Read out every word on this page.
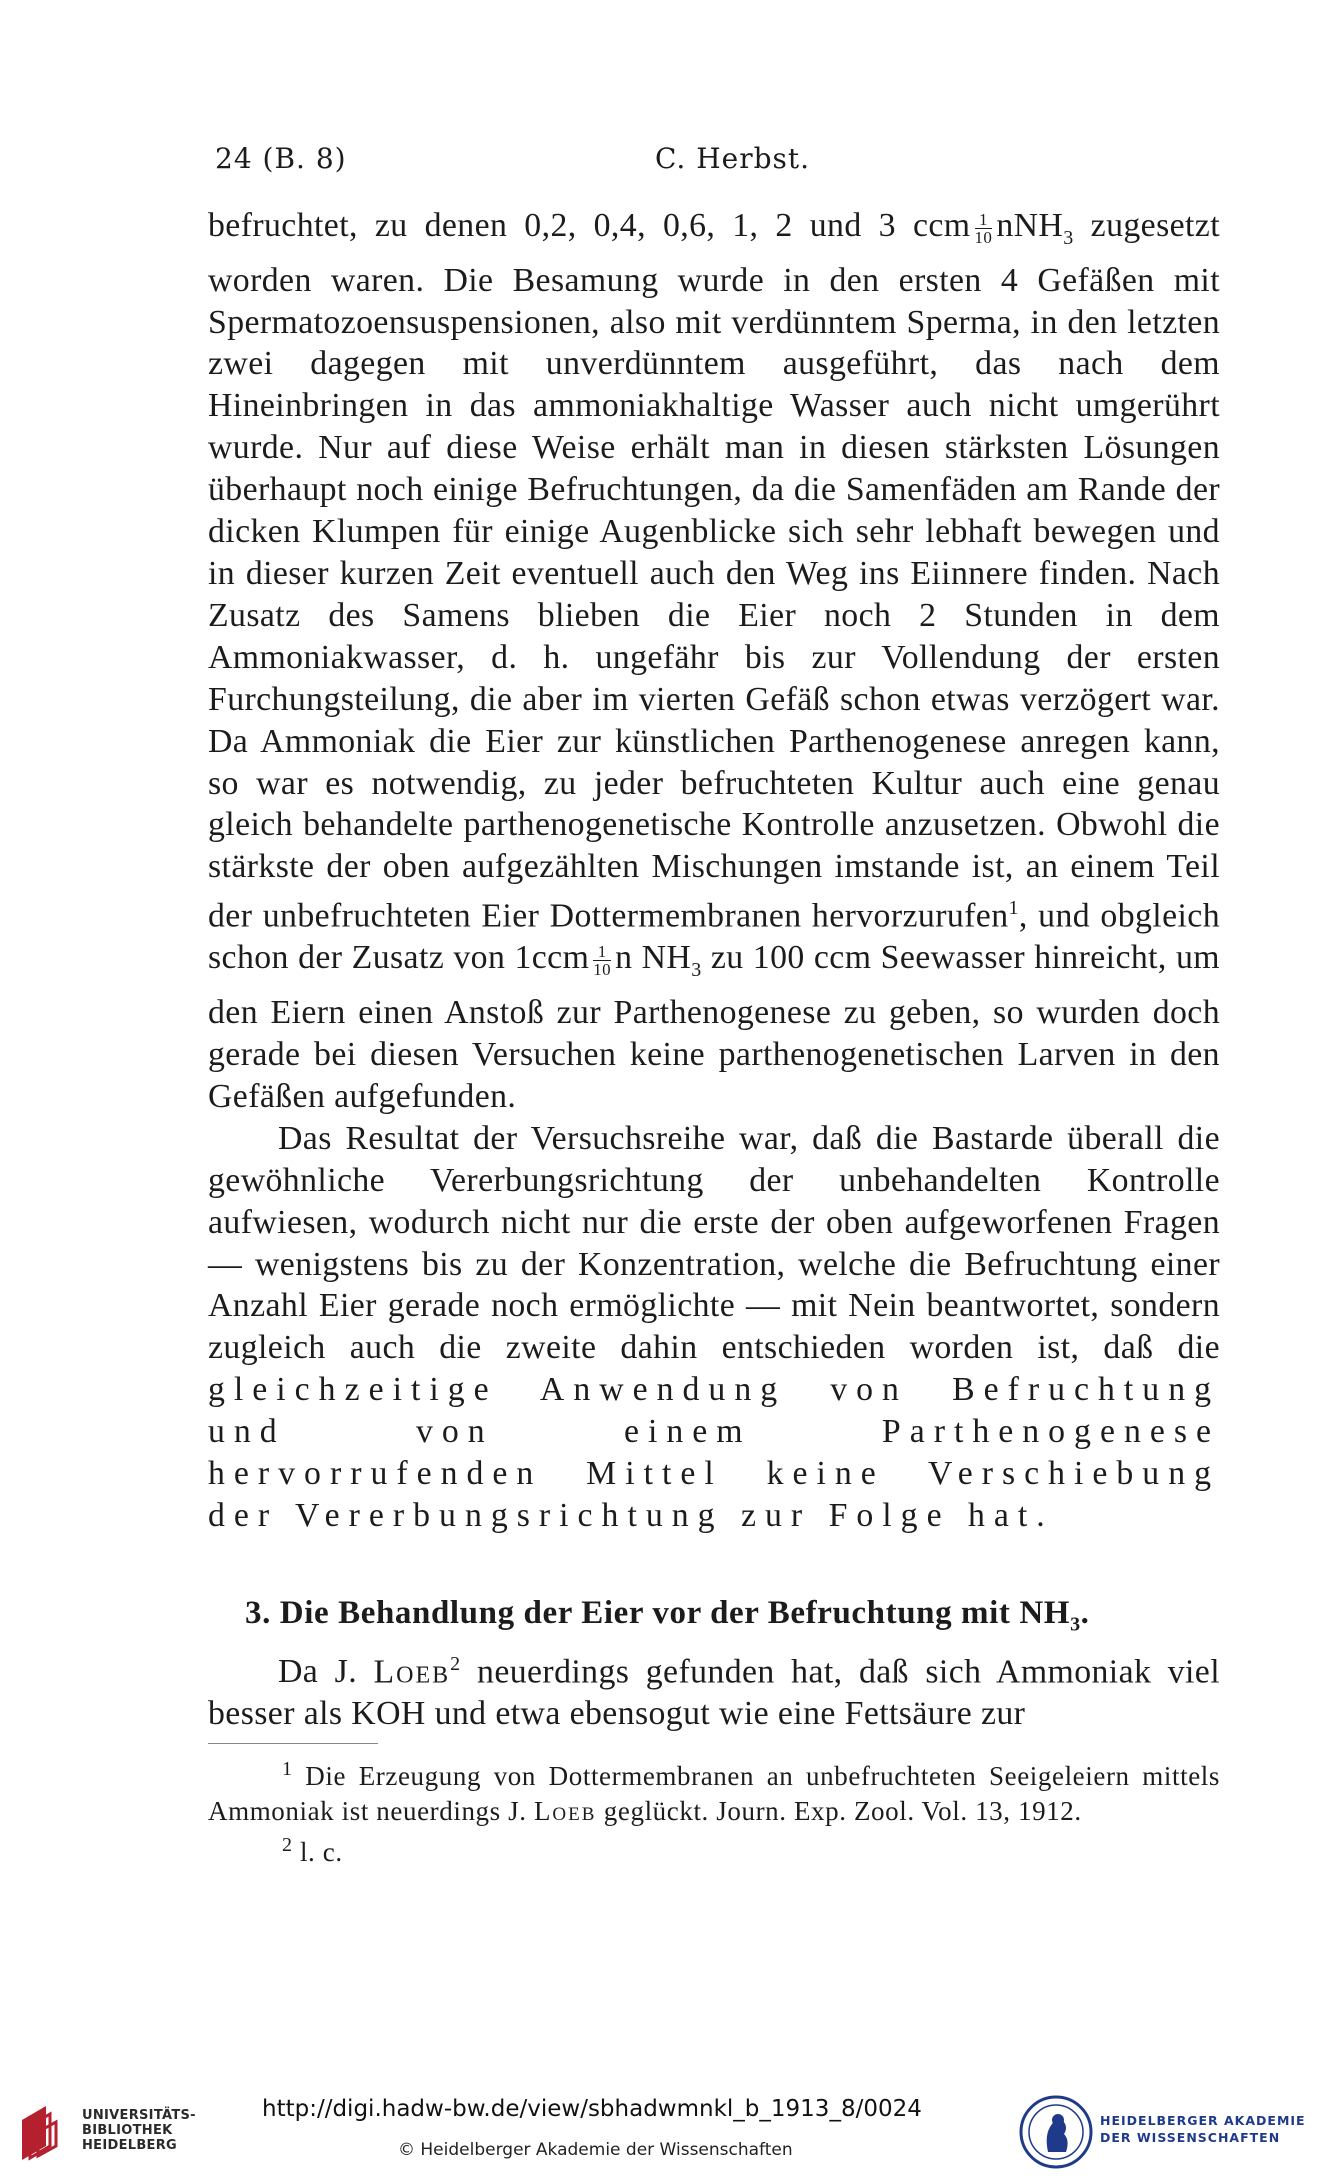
24 (B. 8)	C. Herbst.

befruchtet, zu denen 0,2, 0,4, 0,6, 1, 2 und 3 ccm $\frac{1}{10} nNH_3$ zugesetzt worden waren. Die Besamung wurde in den ersten 4 Gefäßen mit Spermatozoensuspensionen, also mit verdünntem Sperma, in den letzten zwei dagegen mit unverdünntem ausgeführt, das nach dem Hineinbringen in das ammoniakhaltige Wasser auch nicht umgerührt wurde. Nur auf diese Weise erhält man in diesen stärksten Lösungen überhaupt noch einige Befruchtungen, da die Samenfäden am Rande der dicken Klumpen für einige Augenblicke sich sehr lebhaft bewegen und in dieser kurzen Zeit eventuell auch den Weg ins Eiinnere finden. Nach Zusatz des Samens blieben die Eier noch 2 Stunden in dem Ammoniakwasser, d. h. ungefähr bis zur Vollendung der ersten Furchungsteilung, die aber im vierten Gefäß schon etwas verzögert war. Da Ammoniak die Eier zur künstlichen Parthenogenese anregen kann, so war es notwendig, zu jeder befruchteten Kultur auch eine genau gleich behandelte parthenogenetische Kontrolle anzusetzen. Obwohl die stärkste der oben aufgezählten Mischungen imstande ist, an einem Teil der unbefruchteten Eier Dottermembranen hervorzurufen$^1$, und obgleich schon der Zusatz von $1ccm \frac{1}{10}$ n $NH_3$ zu 100 ccm Seewasser hinreicht, um den Eiern einen Anstoß zur Parthenogenese zu geben, so wurden doch gerade bei diesen Versuchen keine parthenogenetischen Larven in den Gefäßen aufgefunden.

Das Resultat der Versuchsreihe war, daß die Bastarde überall die gewöhnliche Vererbungsrichtung der unbehandelten Kontrolle aufwiesen, wodurch nicht nur die erste der oben aufgeworfenen Fragen — wenigstens bis zu der Konzentration, welche die Befruchtung einer Anzahl Eier gerade noch ermöglichte — mit Nein beantwortet, sondern zugleich auch die zweite dahin entschieden worden ist, daß die gleichzeitige Anwendung von Befruchtung und von einem Parthenogenese hervorrufenden Mittel keine Verschiebung der Vererbungsrichtung zur Folge hat.

3. Die Behandlung der Eier vor der Befruchtung mit $NH_3$.
Da J. Loeb$^2$ neuerdings gefunden hat, daß sich Ammoniak viel besser als KOH und etwa ebensogut wie eine Fettsäure zur

$^1$ Die Erzeugung von Dottermembranen an unbefruchteten Seeigeleiern mittels Ammoniak ist neuerdings J. Loeb geglückt. Journ. Exp. Zool. Vol. 13, 1912.

$^2$ l. c.

UNIVERSITÄTS-
BIBLIOTHEK
HEIDELBERG
http://digi.hadw-bw.de/view/sbhadwmnkl_b_1913_8/0024
© Heidelberger Akademie der Wissenschaften
HEIDELBERGER AKADEMIE
DER WISSENSCHAFTEN
